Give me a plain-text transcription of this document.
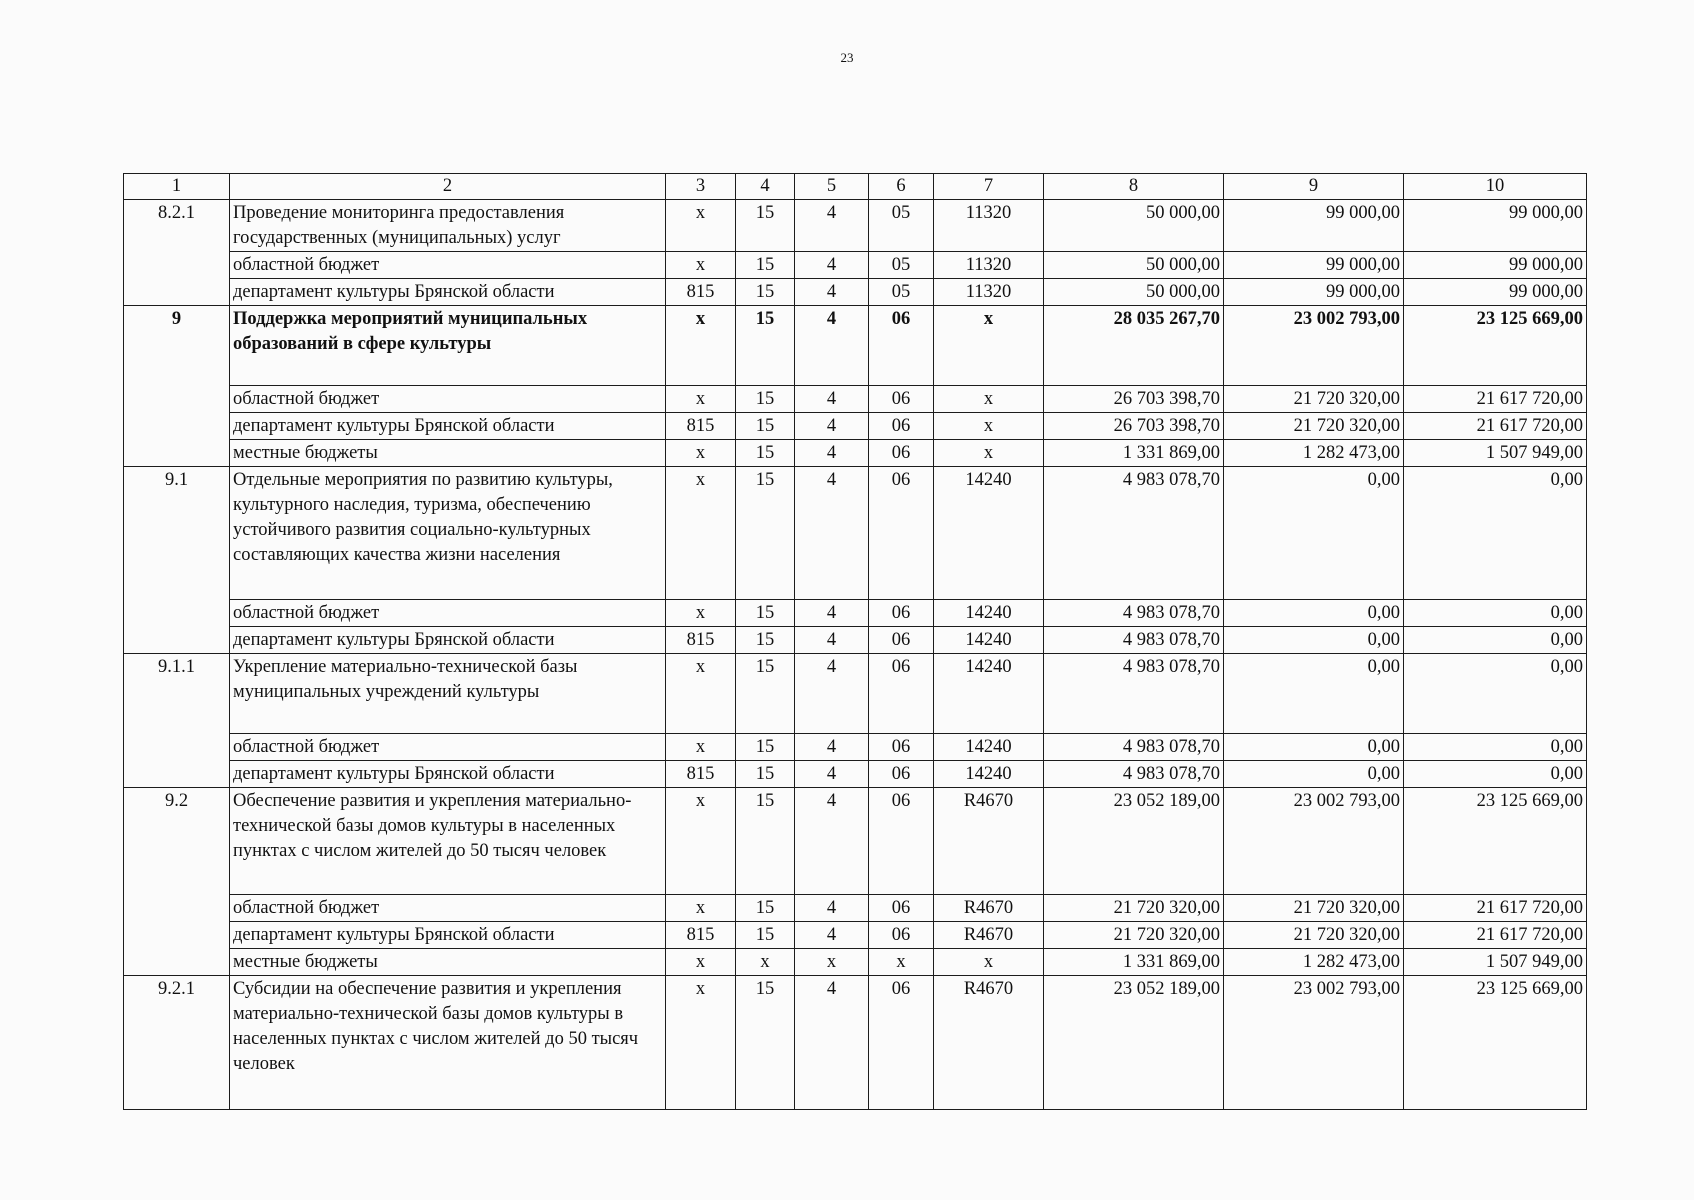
23
1	2	3	4	5	6	7	8	9	10
8.2.1	Проведение мониторинга предоставления государственных (муниципальных) услуг	х	15	4	05	11320	50 000,00	99 000,00	99 000,00
	областной бюджет	х	15	4	05	11320	50 000,00	99 000,00	99 000,00
	департамент культуры Брянской области	815	15	4	05	11320	50 000,00	99 000,00	99 000,00
9	Поддержка мероприятий муниципальных образований в сфере культуры	х	15	4	06	х	28 035 267,70	23 002 793,00	23 125 669,00
	областной бюджет	х	15	4	06	х	26 703 398,70	21 720 320,00	21 617 720,00
	департамент культуры Брянской области	815	15	4	06	х	26 703 398,70	21 720 320,00	21 617 720,00
	местные бюджеты	х	15	4	06	х	1 331 869,00	1 282 473,00	1 507 949,00
9.1	Отдельные мероприятия по развитию культуры, культурного наследия, туризма, обеспечению устойчивого развития социально-культурных составляющих качества жизни населения	х	15	4	06	14240	4 983 078,70	0,00	0,00
	областной бюджет	х	15	4	06	14240	4 983 078,70	0,00	0,00
	департамент культуры Брянской области	815	15	4	06	14240	4 983 078,70	0,00	0,00
9.1.1	Укрепление материально-технической базы муниципальных учреждений культуры	х	15	4	06	14240	4 983 078,70	0,00	0,00
	областной бюджет	х	15	4	06	14240	4 983 078,70	0,00	0,00
	департамент культуры Брянской области	815	15	4	06	14240	4 983 078,70	0,00	0,00
9.2	Обеспечение развития и укрепления материально-технической базы домов культуры в населенных пунктах с числом жителей до 50 тысяч человек	х	15	4	06	R4670	23 052 189,00	23 002 793,00	23 125 669,00
	областной бюджет	х	15	4	06	R4670	21 720 320,00	21 720 320,00	21 617 720,00
	департамент культуры Брянской области	815	15	4	06	R4670	21 720 320,00	21 720 320,00	21 617 720,00
	местные бюджеты	х	х	х	х	х	1 331 869,00	1 282 473,00	1 507 949,00
9.2.1	Субсидии на обеспечение развития и укрепления материально-технической базы домов культуры в населенных пунктах с числом жителей до 50 тысяч человек	х	15	4	06	R4670	23 052 189,00	23 002 793,00	23 125 669,00
